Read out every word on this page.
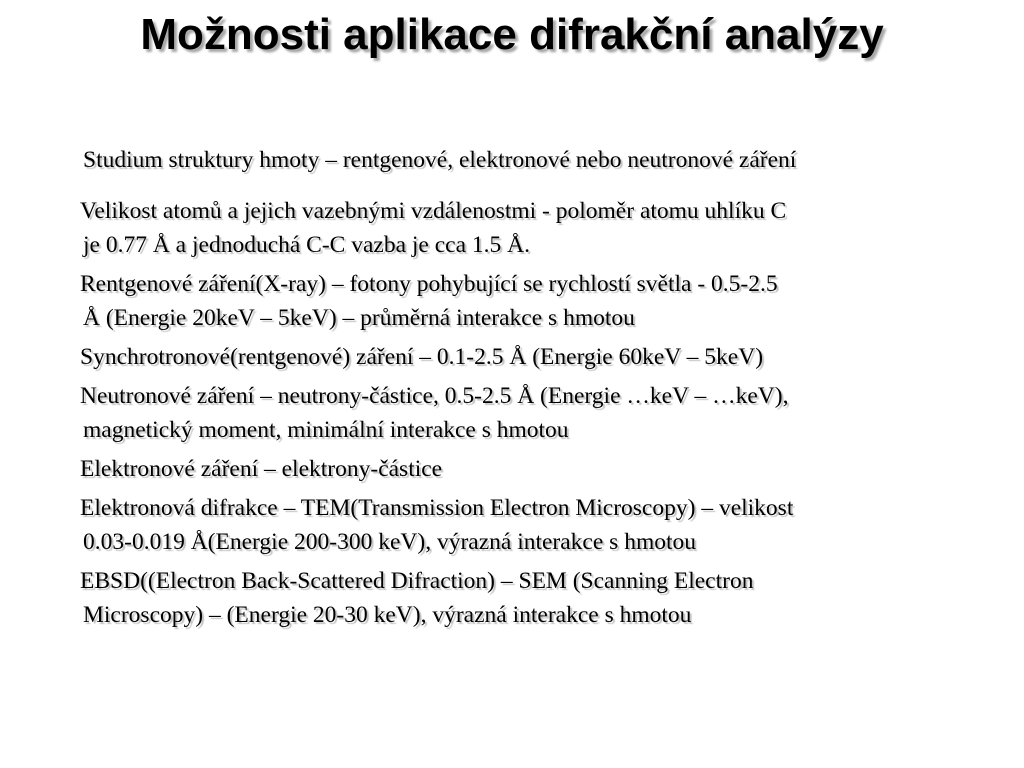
Možnosti aplikace difrakční analýzy

Studium struktury hmoty – rentgenové, elektronové nebo neutronové záření

Velikost atomů a jejich vazebnými vzdálenostmi - poloměr atomu uhlíku C
je 0.77 Å a jednoduchá C-C vazba je cca 1.5 Å.

Rentgenové záření(X-ray) – fotony pohybující se rychlostí světla - 0.5-2.5
Å (Energie 20keV – 5keV) – průměrná interakce s hmotou

Synchrotronové(rentgenové) záření – 0.1-2.5 Å (Energie 60keV – 5keV)

Neutronové záření – neutrony-částice, 0.5-2.5 Å (Energie …keV – …keV),
magnetický moment, minimální interakce s hmotou

Elektronové záření – elektrony-částice

Elektronová difrakce – TEM(Transmission Electron Microscopy) – velikost
0.03-0.019 Å(Energie 200-300 keV), výrazná interakce s hmotou

EBSD((Electron Back-Scattered Difraction) – SEM (Scanning Electron
Microscopy) – (Energie 20-30 keV), výrazná interakce s hmotou
